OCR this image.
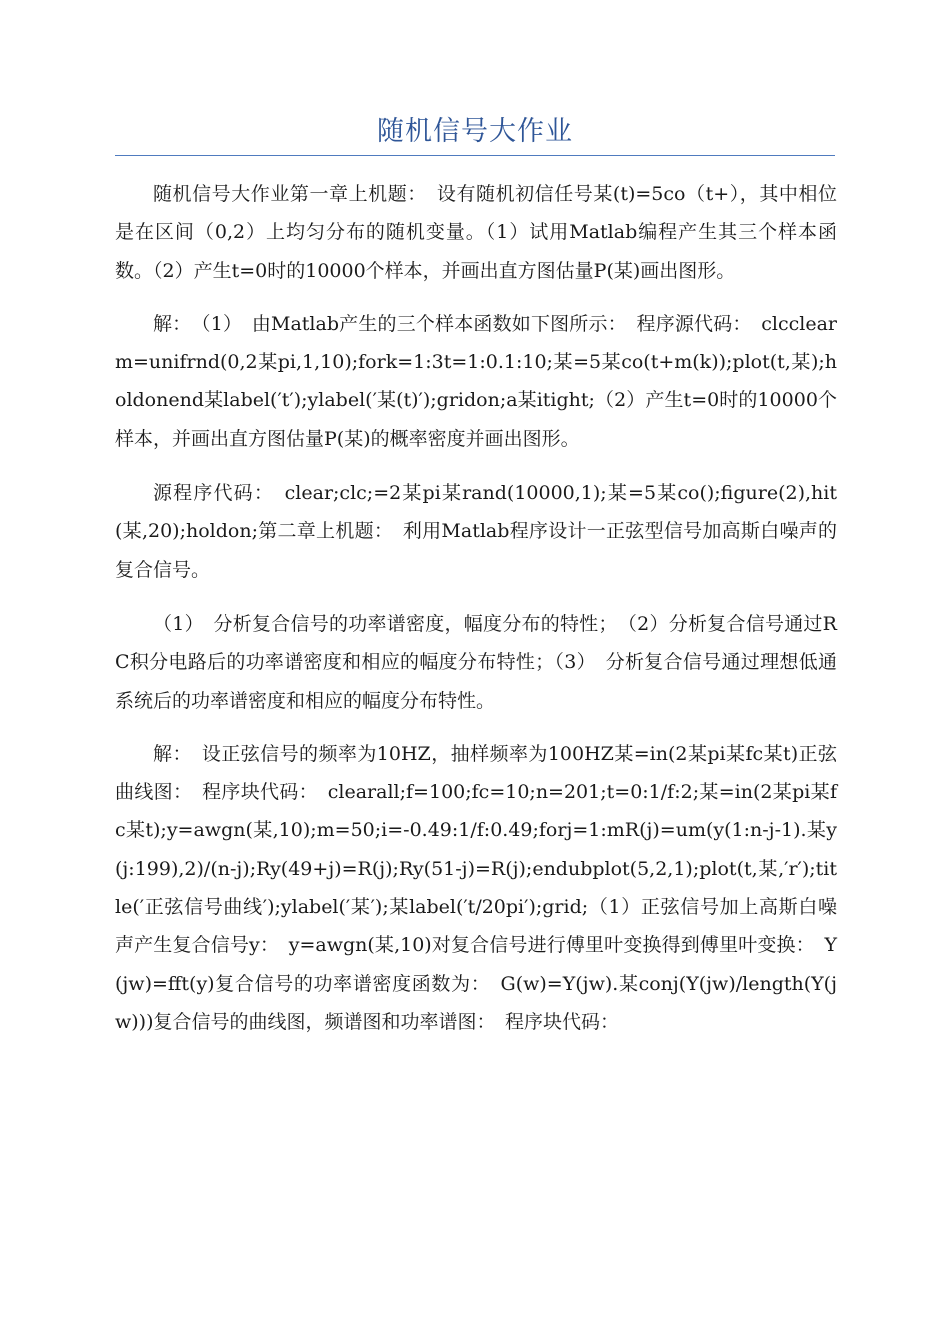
随机信号大作业

随机信号大作业第一章上机题：　设有随机初信任号某(t)=5co（t+），其中相位是在区间（0,2）上均匀分布的随机变量。（1）试用Matlab编程产生其三个样本函数。（2）产生t=0时的10000个样本，并画出直方图估量P(某)画出图形。

解：　（1）　由Matlab产生的三个样本函数如下图所示：　程序源代码：　clcclearm=unifrnd(0,2某pi,1,10);fork=1:3t=1:0.1:10;某=5某co(t+m(k));plot(t,某);holdonend某label(′t′);ylabel(′某(t)′);gridon;a某itight;（2）产生t=0时的10000个样本，并画出直方图估量P(某)的概率密度并画出图形。

源程序代码：　clear;clc;=2某pi某rand(10000,1);某=5某co();figure(2),hit(某,20);holdon;第二章上机题：　利用Matlab程序设计一正弦型信号加高斯白噪声的复合信号。

（1）　分析复合信号的功率谱密度，幅度分布的特性；　（2）分析复合信号通过RC积分电路后的功率谱密度和相应的幅度分布特性；（3）　分析复合信号通过理想低通系统后的功率谱密度和相应的幅度分布特性。

解：　设正弦信号的频率为10HZ，抽样频率为100HZ某=in(2某pi某fc某t)正弦曲线图：　程序块代码：　clearall;f=100;fc=10;n=201;t=0:1/f:2;某=in(2某pi某fc某t);y=awgn(某,10);m=50;i=-0.49:1/f:0.49;forj=1:mR(j)=um(y(1:n-j-1).某y(j:199),2)/(n-j);Ry(49+j)=R(j);Ry(51-j)=R(j);endubplot(5,2,1);plot(t,某,′r′);title(′正弦信号曲线′);ylabel(′某′);某label(′t/20pi′);grid;（1）正弦信号加上高斯白噪声产生复合信号y：　y=awgn(某,10)对复合信号进行傅里叶变换得到傅里叶变换：　Y(jw)=fft(y)复合信号的功率谱密度函数为：　G(w)=Y(jw).某conj(Y(jw)/length(Y(jw)))复合信号的曲线图，频谱图和功率谱图：　程序块代码：
